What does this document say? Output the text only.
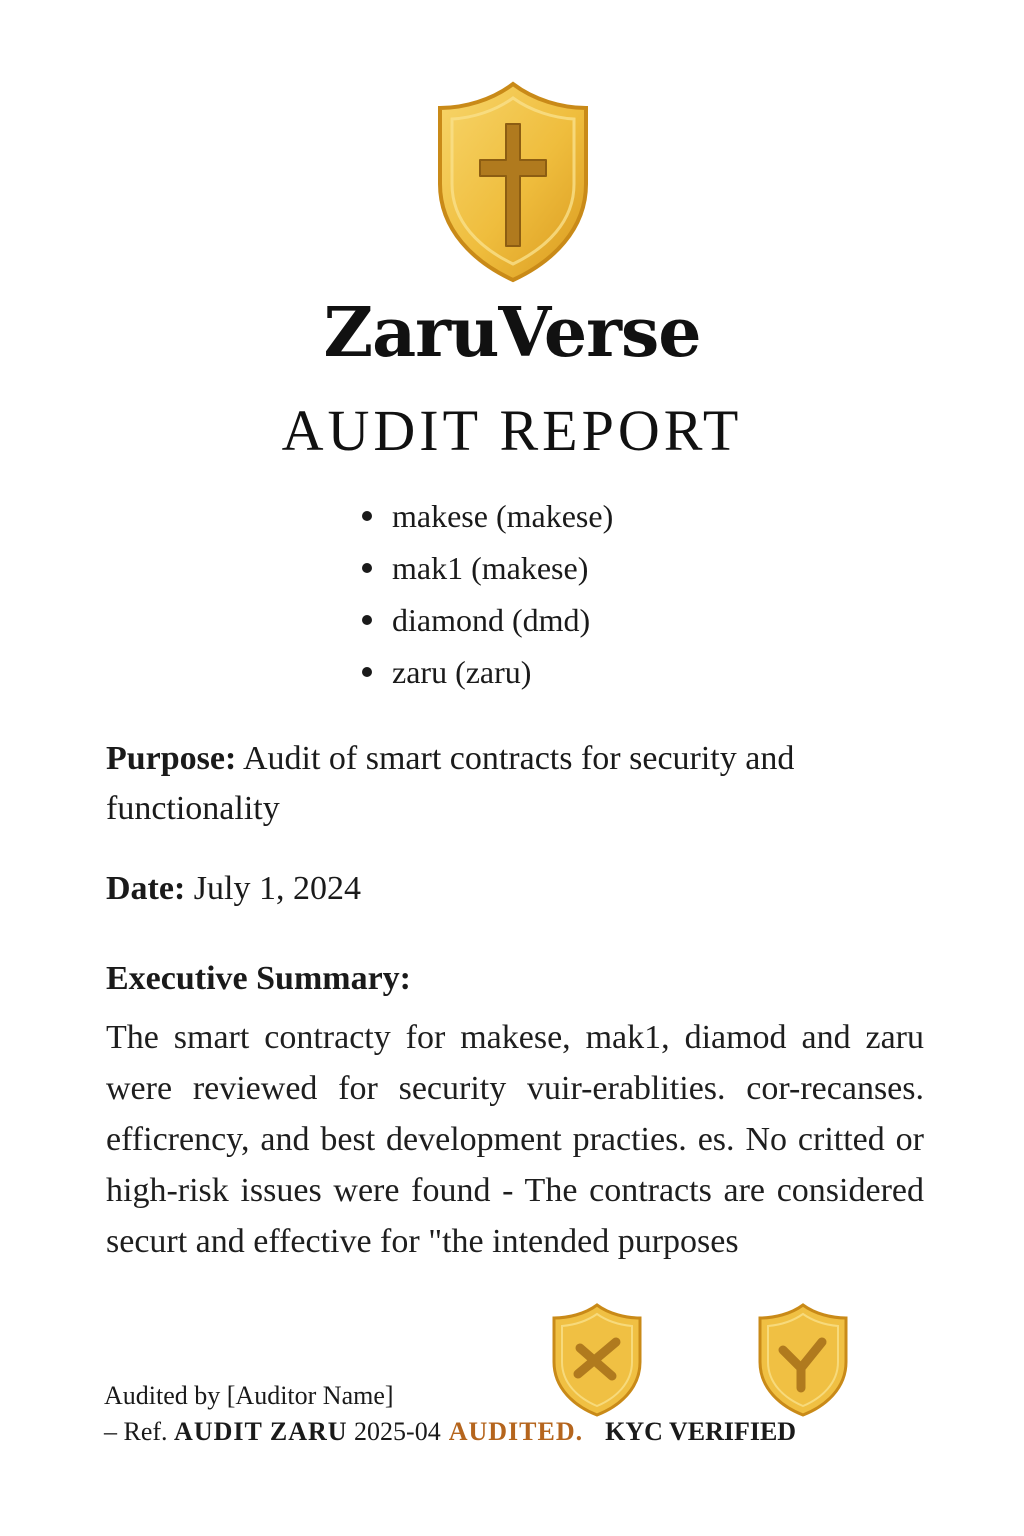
ZaruVerse
AUDIT REPORT
makese (makese)
mak1 (makese)
diamond (dmd)
zaru (zaru)
Purpose: Audit of smart contracts for security and functionality
Date: July 1, 2024
Executive Summary:
The smart contracty for makese, mak1, diamod and zaru were reviewed for security vuir-erablities. cor-recanses. efficrency, and best development practies. es. No critted or high-risk issues were found - The contracts are considered securt and effective for "the intended purposes
Audited by [Auditor Name]
– Ref. AUDIT ZARU 2025-04 AUDITED. KYC VERIFIED
